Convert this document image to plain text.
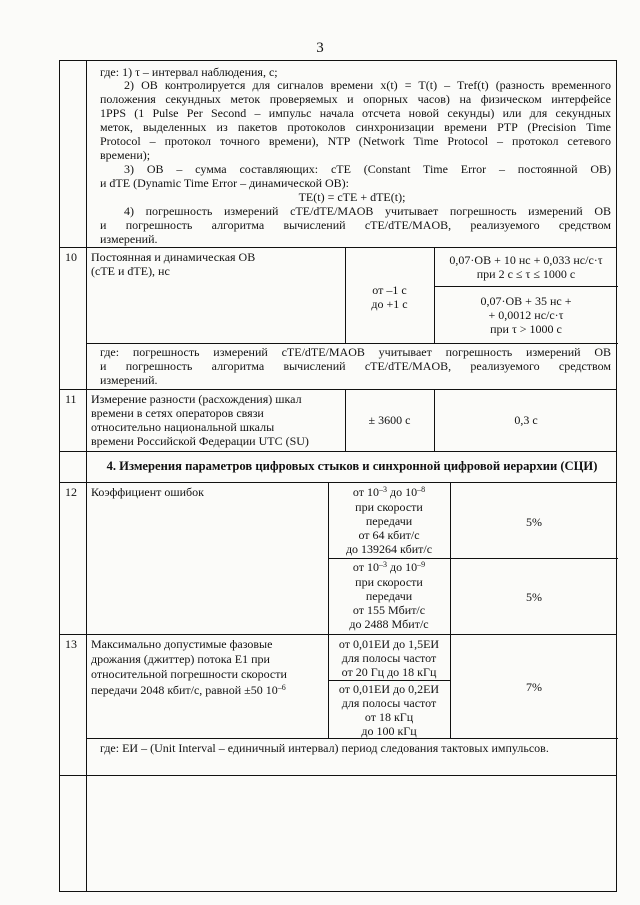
3
где: 1) τ – интервал наблюдения, с;
2) ОВ контролируется для сигналов времени x(t) = T(t) – Tref(t) (разность временного
положения секундных меток проверяемых и опорных часов) на физическом интерфейсе
1PPS (1 Pulse Per Second – импульс начала отсчета новой секунды) или для секундных
меток, выделенных из пакетов протоколов синхронизации времени PTP (Precision Time
Protocol – протокол точного времени), NTP (Network Time Protocol – протокол сетевого
времени);
3) ОВ – сумма составляющих: cTE (Constant Time Error – постоянной ОВ)
и dTE (Dynamic Time Error – динамической ОВ):
TE(t) = cTE + dTE(t);
4) погрешность измерений cTE/dTE/MAOB учитывает погрешность измерений ОВ
и погрешность алгоритма вычислений cTE/dTE/MAOB, реализуемого средством
измерений.
10 Постоянная и динамическая ОВ
(cTE и dTE), нс
от –1 с
до +1 с
0,07·ОВ + 10 нс + 0,033 нс/с·τ
при 2 с ≤ τ ≤ 1000 с
0,07·ОВ + 35 нс +
+ 0,0012 нс/с·τ
при τ > 1000 с
где: погрешность измерений cTE/dTE/MAOB учитывает погрешность измерений ОВ
и погрешность алгоритма вычислений cTE/dTE/MAOB, реализуемого средством
измерений.
11 Измерение разности (расхождения) шкал
времени в сетях операторов связи
относительно национальной шкалы
времени Российской Федерации UTC (SU)
± 3600 с	0,3 с
4. Измерения параметров цифровых стыков и синхронной цифровой иерархии (СЦИ)
12 Коэффициент ошибок	от $10^{-3}$ до $10^{-8}$
при скорости
передачи
от 64 кбит/с
до 139264 кбит/с
5%
от $10^{-3}$ до $10^{-9}$
при скорости
передачи
от 155 Мбит/с
до 2488 Мбит/с
5%
13 Максимально допустимые фазовые
дрожания (джиттер) потока Е1 при
относительной погрешности скорости
передачи 2048 кбит/с, равной ±50 $10^{-6}$
от 0,01ЕИ до 1,5ЕИ
для полосы частот
от 20 Гц до 18 кГц
от 0,01ЕИ до 0,2ЕИ
для полосы частот
от 18 кГц
до 100 кГц
7%
где: ЕИ – (Unit Interval – единичный интервал) период следования тактовых импульсов.
